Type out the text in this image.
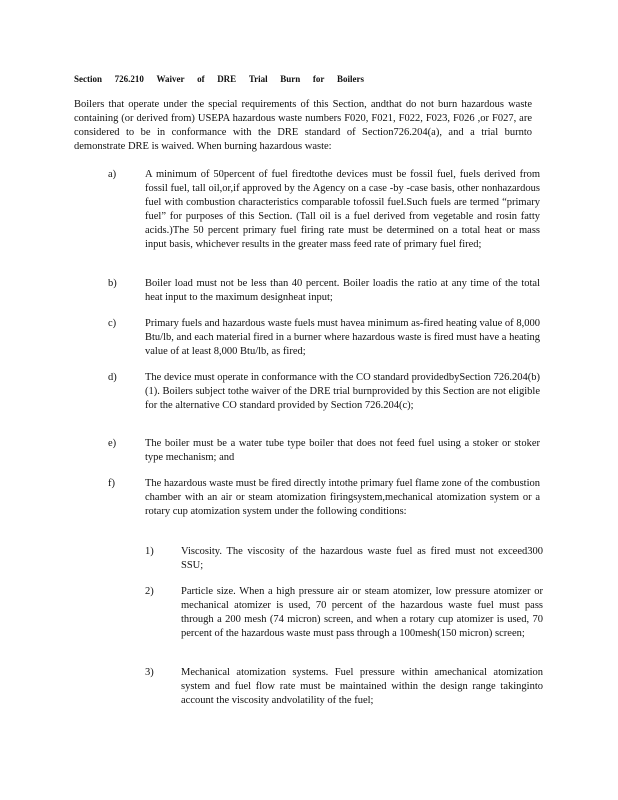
Section 726.210 Waiver of DRE Trial Burn for Boilers

Boilers that operate under the special requirements of this Section, andthat do not burn hazardous waste containing (or derived from) USEPA hazardous waste numbers F020, F021, F022, F023, F026 ,or F027, are considered to be in conformance with the DRE standard of Section726.204(a), and a trial burnto demonstrate DRE is waived. When burning hazardous waste:

a)	A minimum of 50percent of fuel firedtothe devices must be fossil fuel, fuels derived from fossil fuel, tall oil,or,if approved by the Agency on a case -by -case basis, other nonhazardous fuel with combustion characteristics comparable tofossil fuel.Such fuels are termed “primary fuel” for purposes of this Section. (Tall oil is a fuel derived from vegetable and rosin fatty acids.)The 50 percent primary fuel firing rate must be determined on a total heat or mass input basis, whichever results in the greater mass feed rate of primary fuel fired;
b)	Boiler load must not be less than 40 percent. Boiler loadis the ratio at any time of the total heat input to the maximum designheat input;
c)	Primary fuels and hazardous waste fuels must havea minimum as-fired heating value of 8,000 Btu/lb, and each material fired in a burner where hazardous waste is fired must have a heating value of at least 8,000 Btu/lb, as fired;
d)	The device must operate in conformance with the CO standard providedbySection 726.204(b)(1). Boilers subject tothe waiver of the DRE trial burnprovided by this Section are not eligible for the alternative CO standard provided by Section 726.204(c);
e)	The boiler must be a water tube type boiler that does not feed fuel using a stoker or stoker type mechanism; and
f)	The hazardous waste must be fired directly intothe primary fuel flame zone of the combustion chamber with an air or steam atomization firingsystem,mechanical atomization system or a rotary cup atomization system under the following conditions:
1)	Viscosity. The viscosity of the hazardous waste fuel as fired must not exceed300 SSU;
2)	Particle size. When a high pressure air or steam atomizer, low pressure atomizer or mechanical atomizer is used, 70 percent of the hazardous waste fuel must pass through a 200 mesh (74 micron) screen, and when a rotary cup atomizer is used, 70 percent of the hazardous waste must pass through a 100mesh(150 micron) screen;
3)	Mechanical atomization systems. Fuel pressure within amechanical atomization system and fuel flow rate must be maintained within the design range takinginto account the viscosity andvolatility of the fuel;
